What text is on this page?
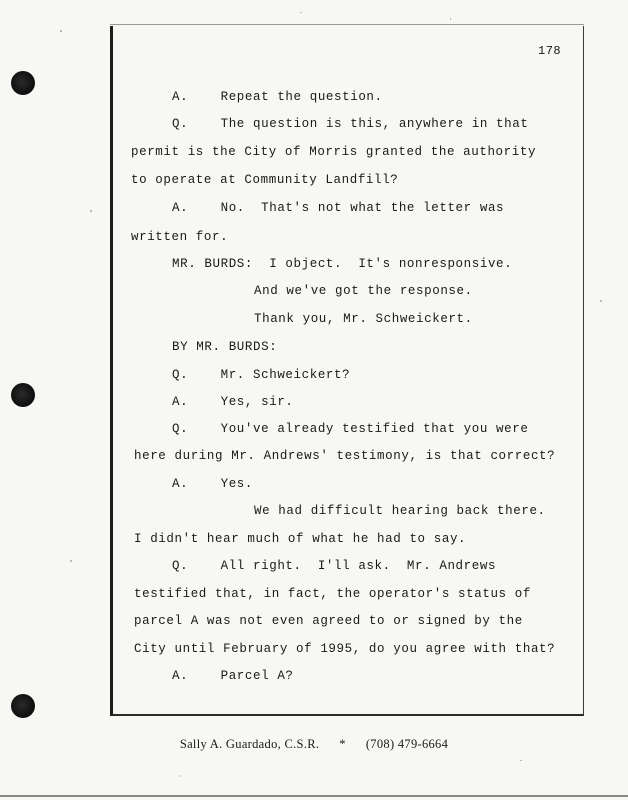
178
A.    Repeat the question.
Q.    The question is this, anywhere in that
permit is the City of Morris granted the authority
to operate at Community Landfill?
A.    No.  That's not what the letter was
written for.
MR. BURDS:  I object.  It's nonresponsive.
And we've got the response.
Thank you, Mr. Schweickert.
BY MR. BURDS:
Q.    Mr. Schweickert?
A.    Yes, sir.
Q.    You've already testified that you were
here during Mr. Andrews' testimony, is that correct?
A.    Yes.
We had difficult hearing back there.
I didn't hear much of what he had to say.
Q.    All right.  I'll ask.  Mr. Andrews
testified that, in fact, the operator's status of
parcel A was not even agreed to or signed by the
City until February of 1995, do you agree with that?
A.    Parcel A?
Sally A. Guardado, C.S.R. * (708) 479-6664
